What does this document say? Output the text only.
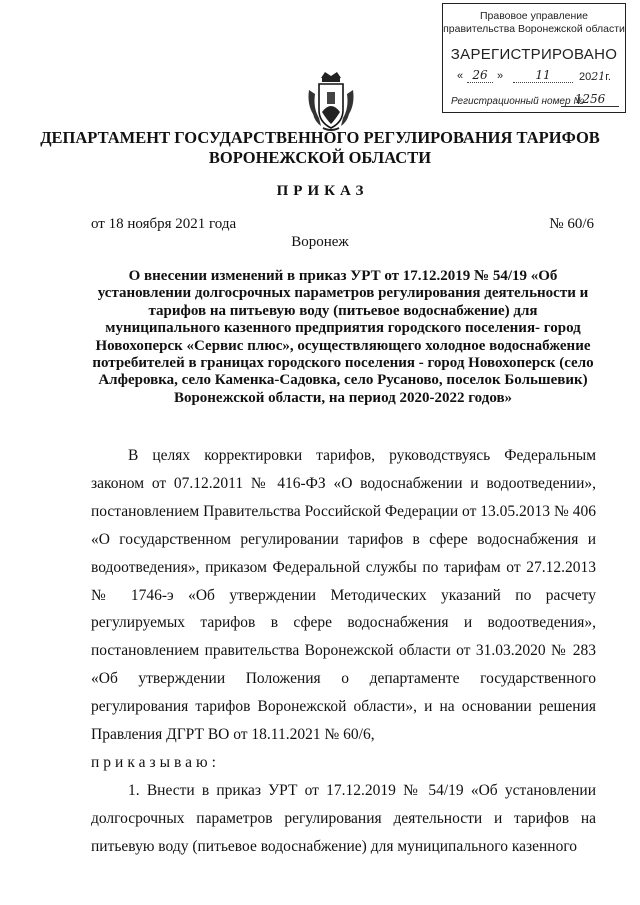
Правовое управление правительства Воронежской области
ЗАРЕГИСТРИРОВАНО
« 26 »	11	2021г.
Регистрационный номер №
1256
ДЕПАРТАМЕНТ ГОСУДАРСТВЕННОГО РЕГУЛИРОВАНИЯ ТАРИФОВ ВОРОНЕЖСКОЙ ОБЛАСТИ
ПРИКАЗ
от 18 ноября 2021 года	№ 60/6
Воронеж
О внесении изменений в приказ УРТ от 17.12.2019 № 54/19 «Об установлении долгосрочных параметров регулирования деятельности и тарифов на питьевую воду (питьевое водоснабжение) для муниципального казенного предприятия городского поселения- город Новохоперск «Сервис плюс», осуществляющего холодное водоснабжение потребителей в границах городского поселения - город Новохоперск (село Алферовка, село Каменка-Садовка, село Русаново, поселок Большевик) Воронежской области, на период 2020-2022 годов»

В целях корректировки тарифов, руководствуясь Федеральным законом от 07.12.2011 № 416-ФЗ «О водоснабжении и водоотведении», постановлением Правительства Российской Федерации от 13.05.2013 № 406 «О государственном регулировании тарифов в сфере водоснабжения и водоотведения», приказом Федеральной службы по тарифам от 27.12.2013 № 1746-э «Об утверждении Методических указаний по расчету регулируемых тарифов в сфере водоснабжения и водоотведения», постановлением правительства Воронежской области от 31.03.2020 № 283 «Об утверждении Положения о департаменте государственного регулирования тарифов Воронежской области», и на основании решения Правления ДГРТ ВО от 18.11.2021 № 60/6,

приказываю:

1. Внести в приказ УРТ от 17.12.2019 № 54/19 «Об установлении долгосрочных параметров регулирования деятельности и тарифов на питьевую воду (питьевое водоснабжение) для муниципального казенного
